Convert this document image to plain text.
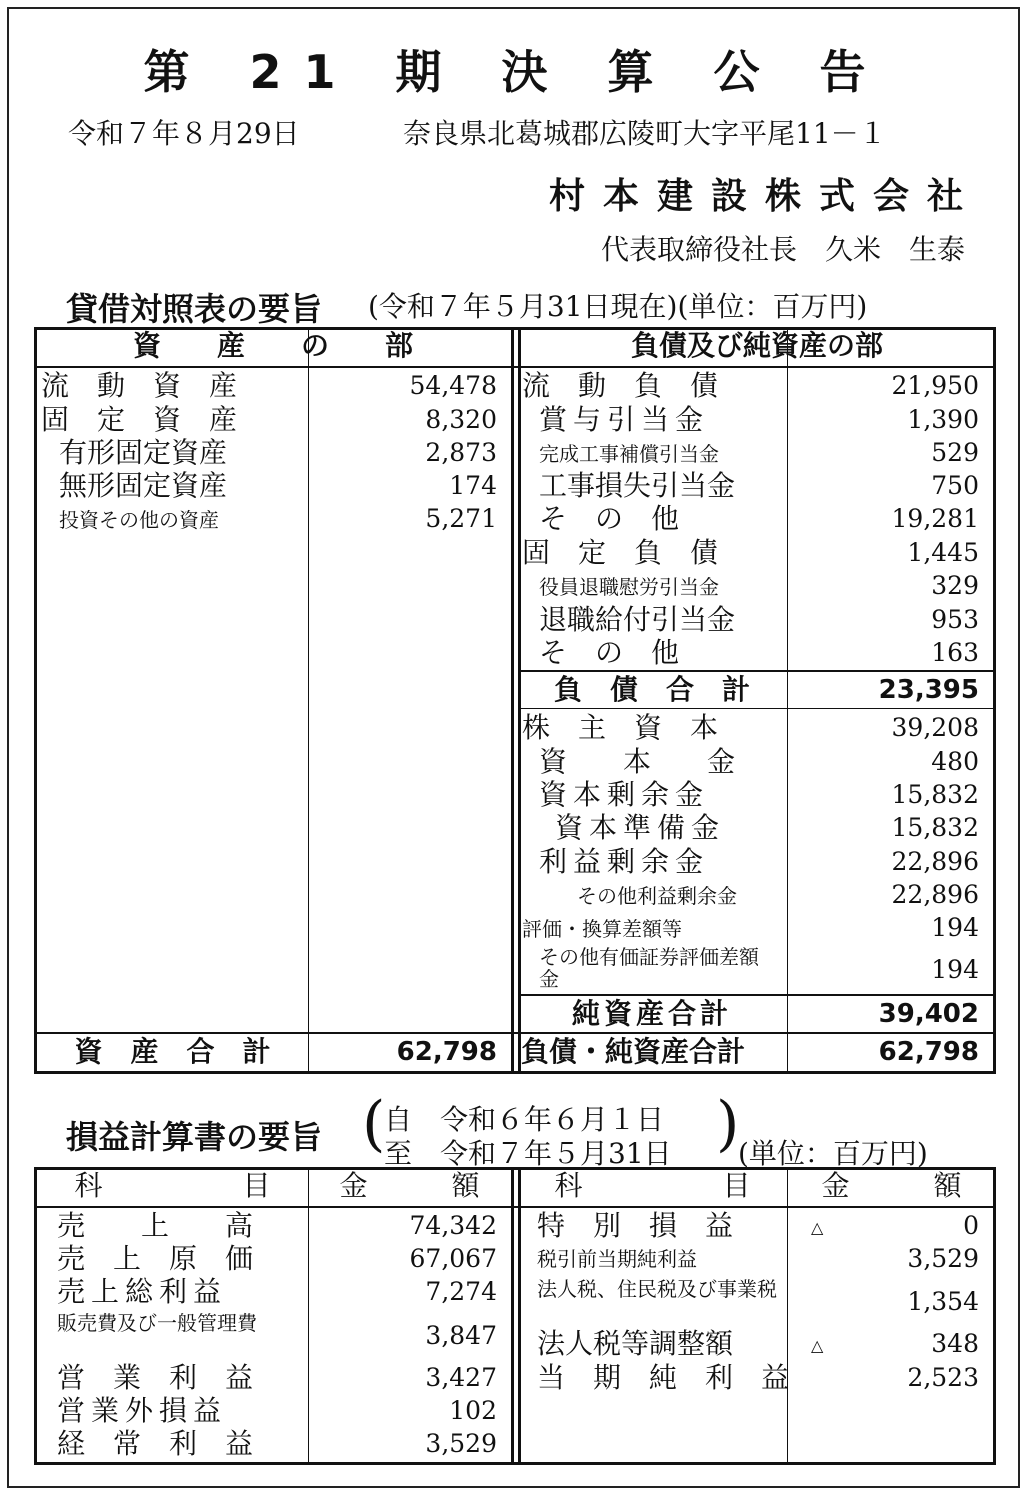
第 21 期 決 算 公 告
令和７年８月29日	奈良県北葛城郡広陵町大字平尾11－１
村本建設株式会社
代表取締役社長　久米　生泰
貸借対照表の要旨 (令和７年５月31日現在)(単位：百万円)
資　　産　　の　　部	負債及び純資産の部
流　動　資　産	54,478
固　定　資　産	8,320
有形固定資産	2,873
無形固定資産	174
投資その他の資産	5,271
流　動　負　債	21,950
賞与引当金	1,390
完成工事補償引当金	529
工事損失引当金	750
そ　の　他	19,281
固　定　負　債	1,445
役員退職慰労引当金	329
退職給付引当金	953
そ　の　他	163
負　債　合　計	23,395
株　主　資　本	39,208
資　　本　　金	480
資本剰余金	15,832
資本準備金	15,832
利益剰余金	22,896
その他利益剰余金	22,896
評価・換算差額等	194
その他有価証券評価差額金	194
純資産合計	39,402
資　産　合　計	62,798 負債・純資産合計	62,798
損益計算書の要旨 (
自　令和６年６月１日
至　令和７年５月31日 )
(単位：百万円)
科　　　　　目	金　　　額	科　　　　　目	金　　　額
売　　上　　高	74,342
売　上　原　価	67,067
売上総利益	7,274
販売費及び一般管理費	3,847
営　業　利　益	3,427
営業外損益	102
経　常　利　益	3,529
特　別　損　益	△	0
税引前当期純利益	3,529
法人税、住民税及び事業税	1,354
法人税等調整額	△	348
当　期　純　利　益	2,523
